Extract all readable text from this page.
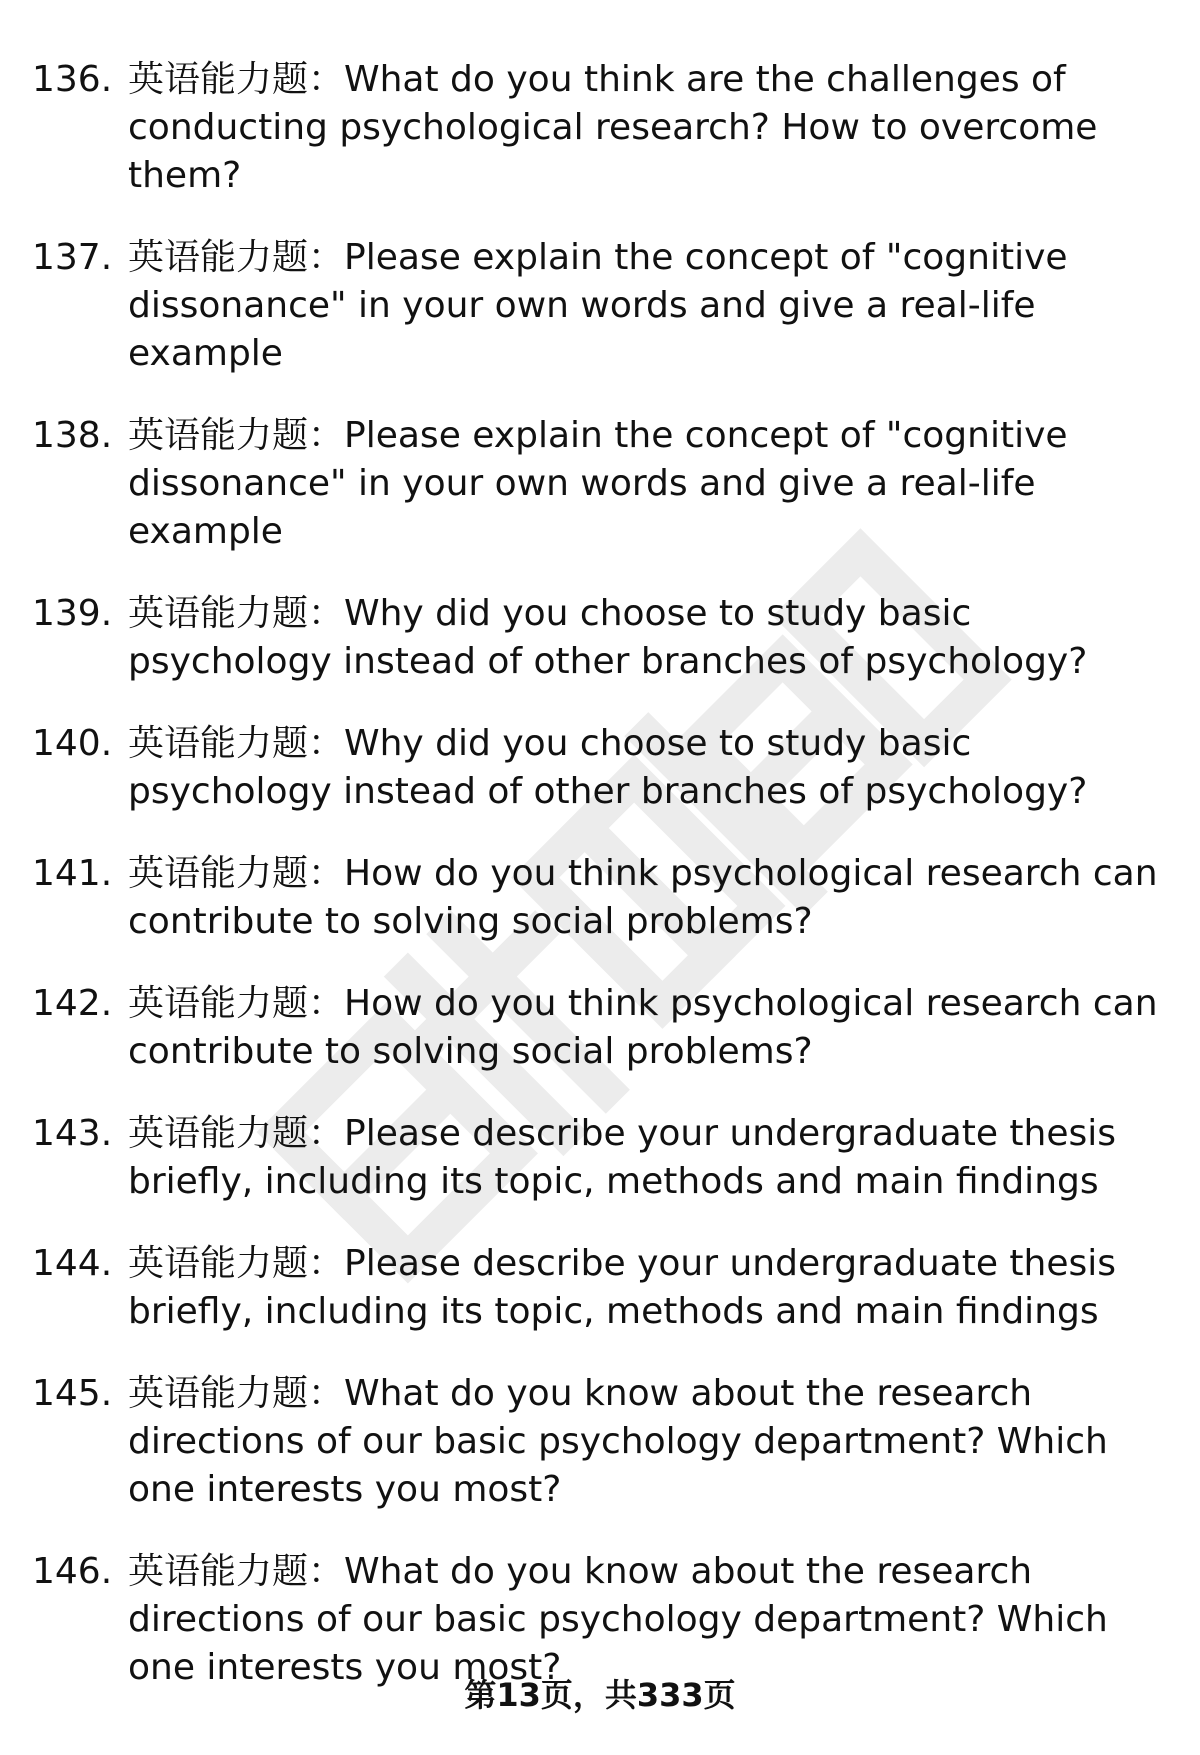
136. 英语能力题：What do you think are the challenges of conducting psychological research? How to overcome them?
137. 英语能力题：Please explain the concept of "cognitive dissonance" in your own words and give a real-life example
138. 英语能力题：Please explain the concept of "cognitive dissonance" in your own words and give a real-life example
139. 英语能力题：Why did you choose to study basic psychology instead of other branches of psychology?
140. 英语能力题：Why did you choose to study basic psychology instead of other branches of psychology?
141. 英语能力题：How do you think psychological research can contribute to solving social problems?
142. 英语能力题：How do you think psychological research can contribute to solving social problems?
143. 英语能力题：Please describe your undergraduate thesis briefly, including its topic, methods and main findings
144. 英语能力题：Please describe your undergraduate thesis briefly, including its topic, methods and main findings
145. 英语能力题：What do you know about the research directions of our basic psychology department? Which one interests you most?
146. 英语能力题：What do you know about the research directions of our basic psychology department? Which one interests you most?
第13页，共333页
